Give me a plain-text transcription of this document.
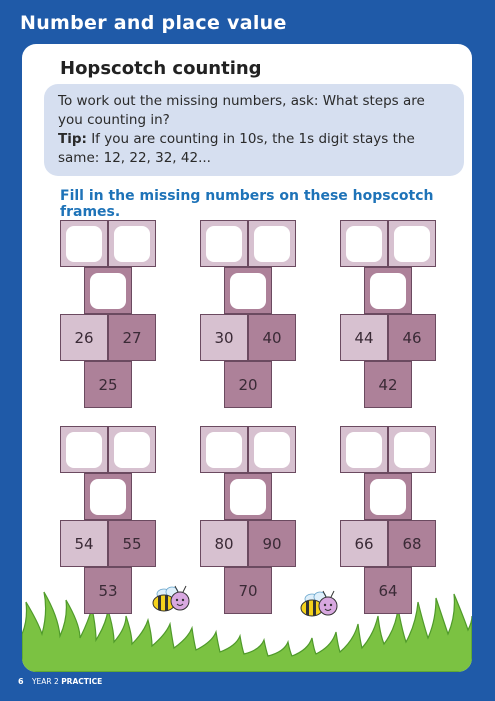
Number and place value
Hopscotch counting
To work out the missing numbers, ask: What steps are you counting in?
Tip: If you are counting in 10s, the 1s digit stays the same: 12, 22, 32, 42...
Fill in the missing numbers on these hopscotch frames.
26	27
25
30	40
20
44	46
42
54	55
53
80	90
70
66	68
64
6 YEAR 2 PRACTICE
